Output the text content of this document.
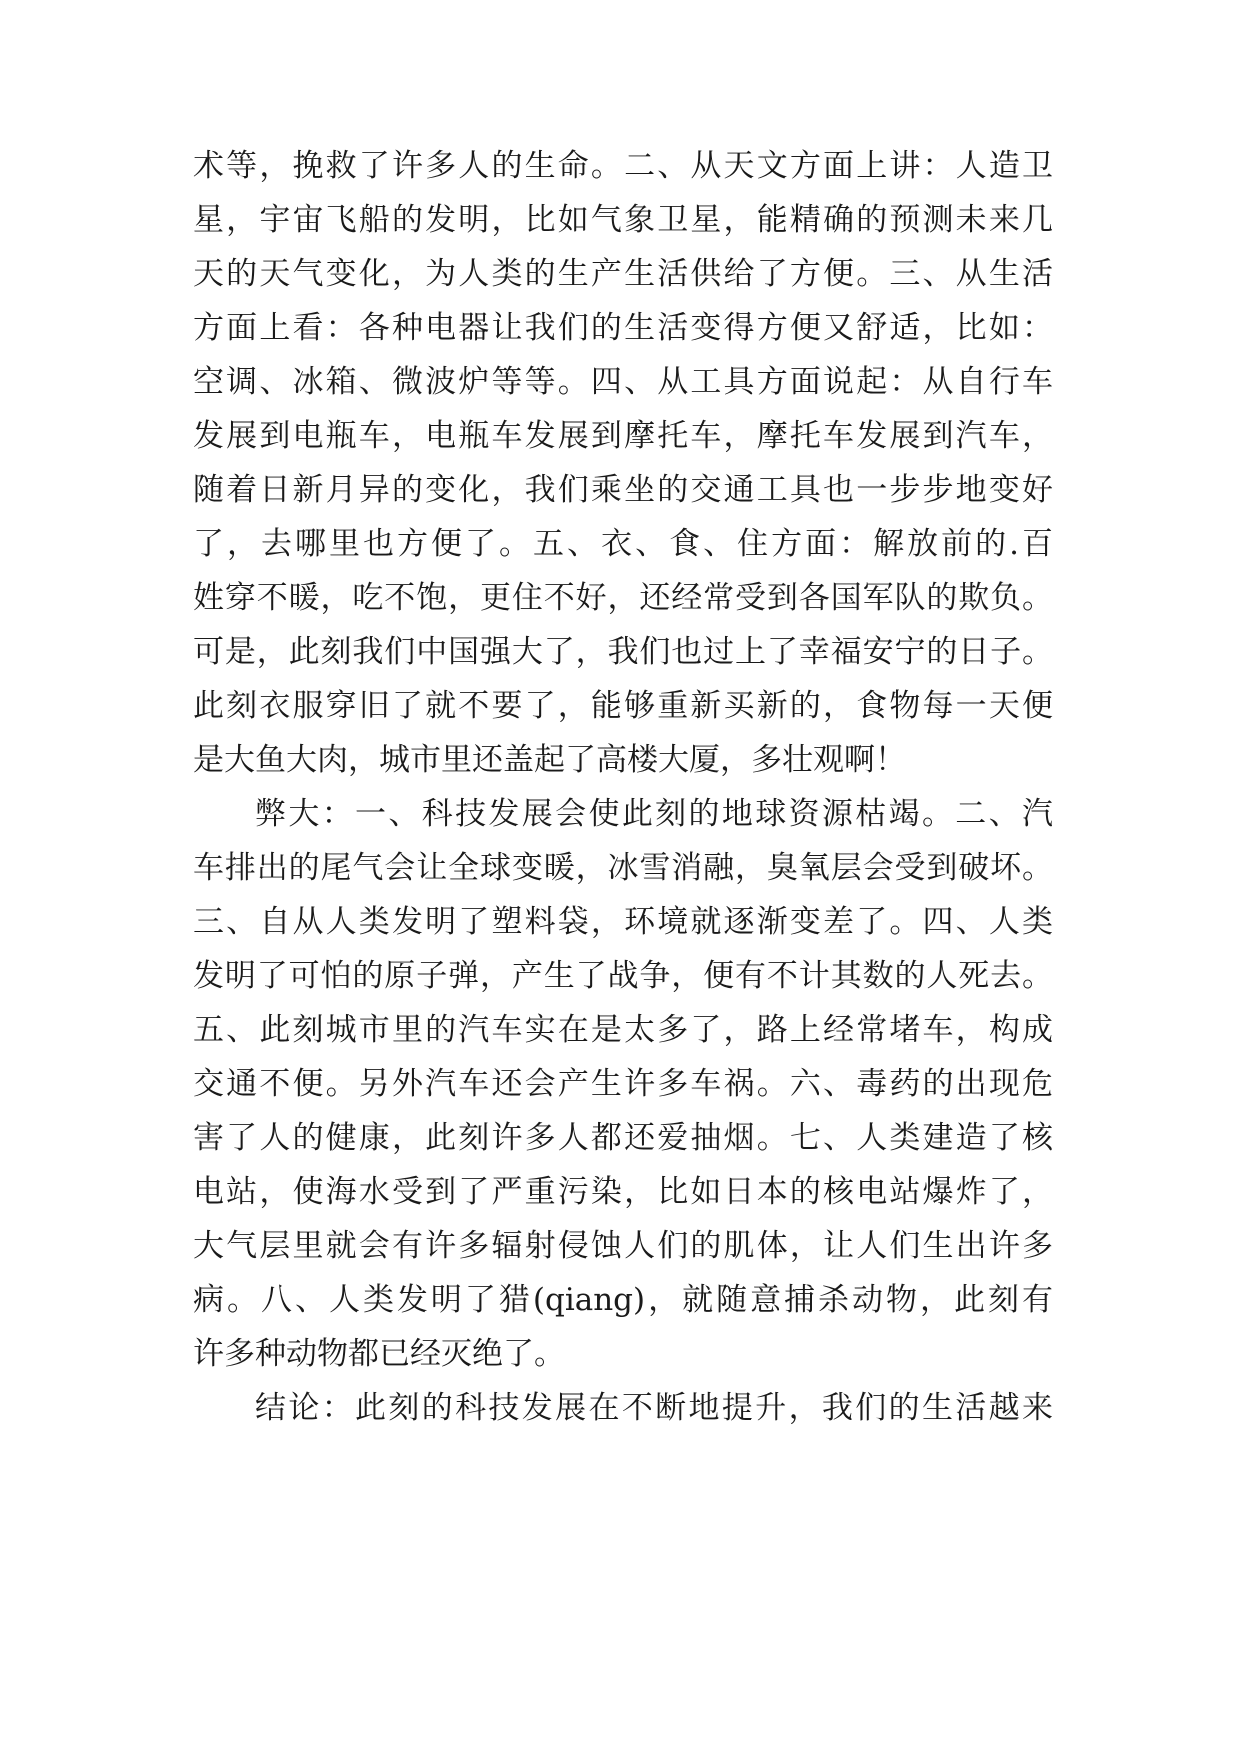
术等，挽救了许多人的生命。二、从天文方面上讲：人造卫
星，宇宙飞船的发明，比如气象卫星，能精确的预测未来几
天的天气变化，为人类的生产生活供给了方便。三、从生活
方面上看：各种电器让我们的生活变得方便又舒适，比如：
空调、冰箱、微波炉等等。四、从工具方面说起：从自行车
发展到电瓶车，电瓶车发展到摩托车，摩托车发展到汽车，
随着日新月异的变化，我们乘坐的交通工具也一步步地变好
了，去哪里也方便了。五、衣、食、住方面：解放前的.百
姓穿不暖，吃不饱，更住不好，还经常受到各国军队的欺负。
可是，此刻我们中国强大了，我们也过上了幸福安宁的日子。
此刻衣服穿旧了就不要了，能够重新买新的，食物每一天便
是大鱼大肉，城市里还盖起了高楼大厦，多壮观啊！
弊大：一、科技发展会使此刻的地球资源枯竭。二、汽
车排出的尾气会让全球变暖，冰雪消融，臭氧层会受到破坏。
三、自从人类发明了塑料袋，环境就逐渐变差了。四、人类
发明了可怕的原子弹，产生了战争，便有不计其数的人死去。
五、此刻城市里的汽车实在是太多了，路上经常堵车，构成
交通不便。另外汽车还会产生许多车祸。六、毒药的出现危
害了人的健康，此刻许多人都还爱抽烟。七、人类建造了核
电站，使海水受到了严重污染，比如日本的核电站爆炸了，
大气层里就会有许多辐射侵蚀人们的肌体，让人们生出许多
病。八、人类发明了猎(qiang)，就随意捕杀动物，此刻有
许多种动物都已经灭绝了。
结论：此刻的科技发展在不断地提升，我们的生活越来
